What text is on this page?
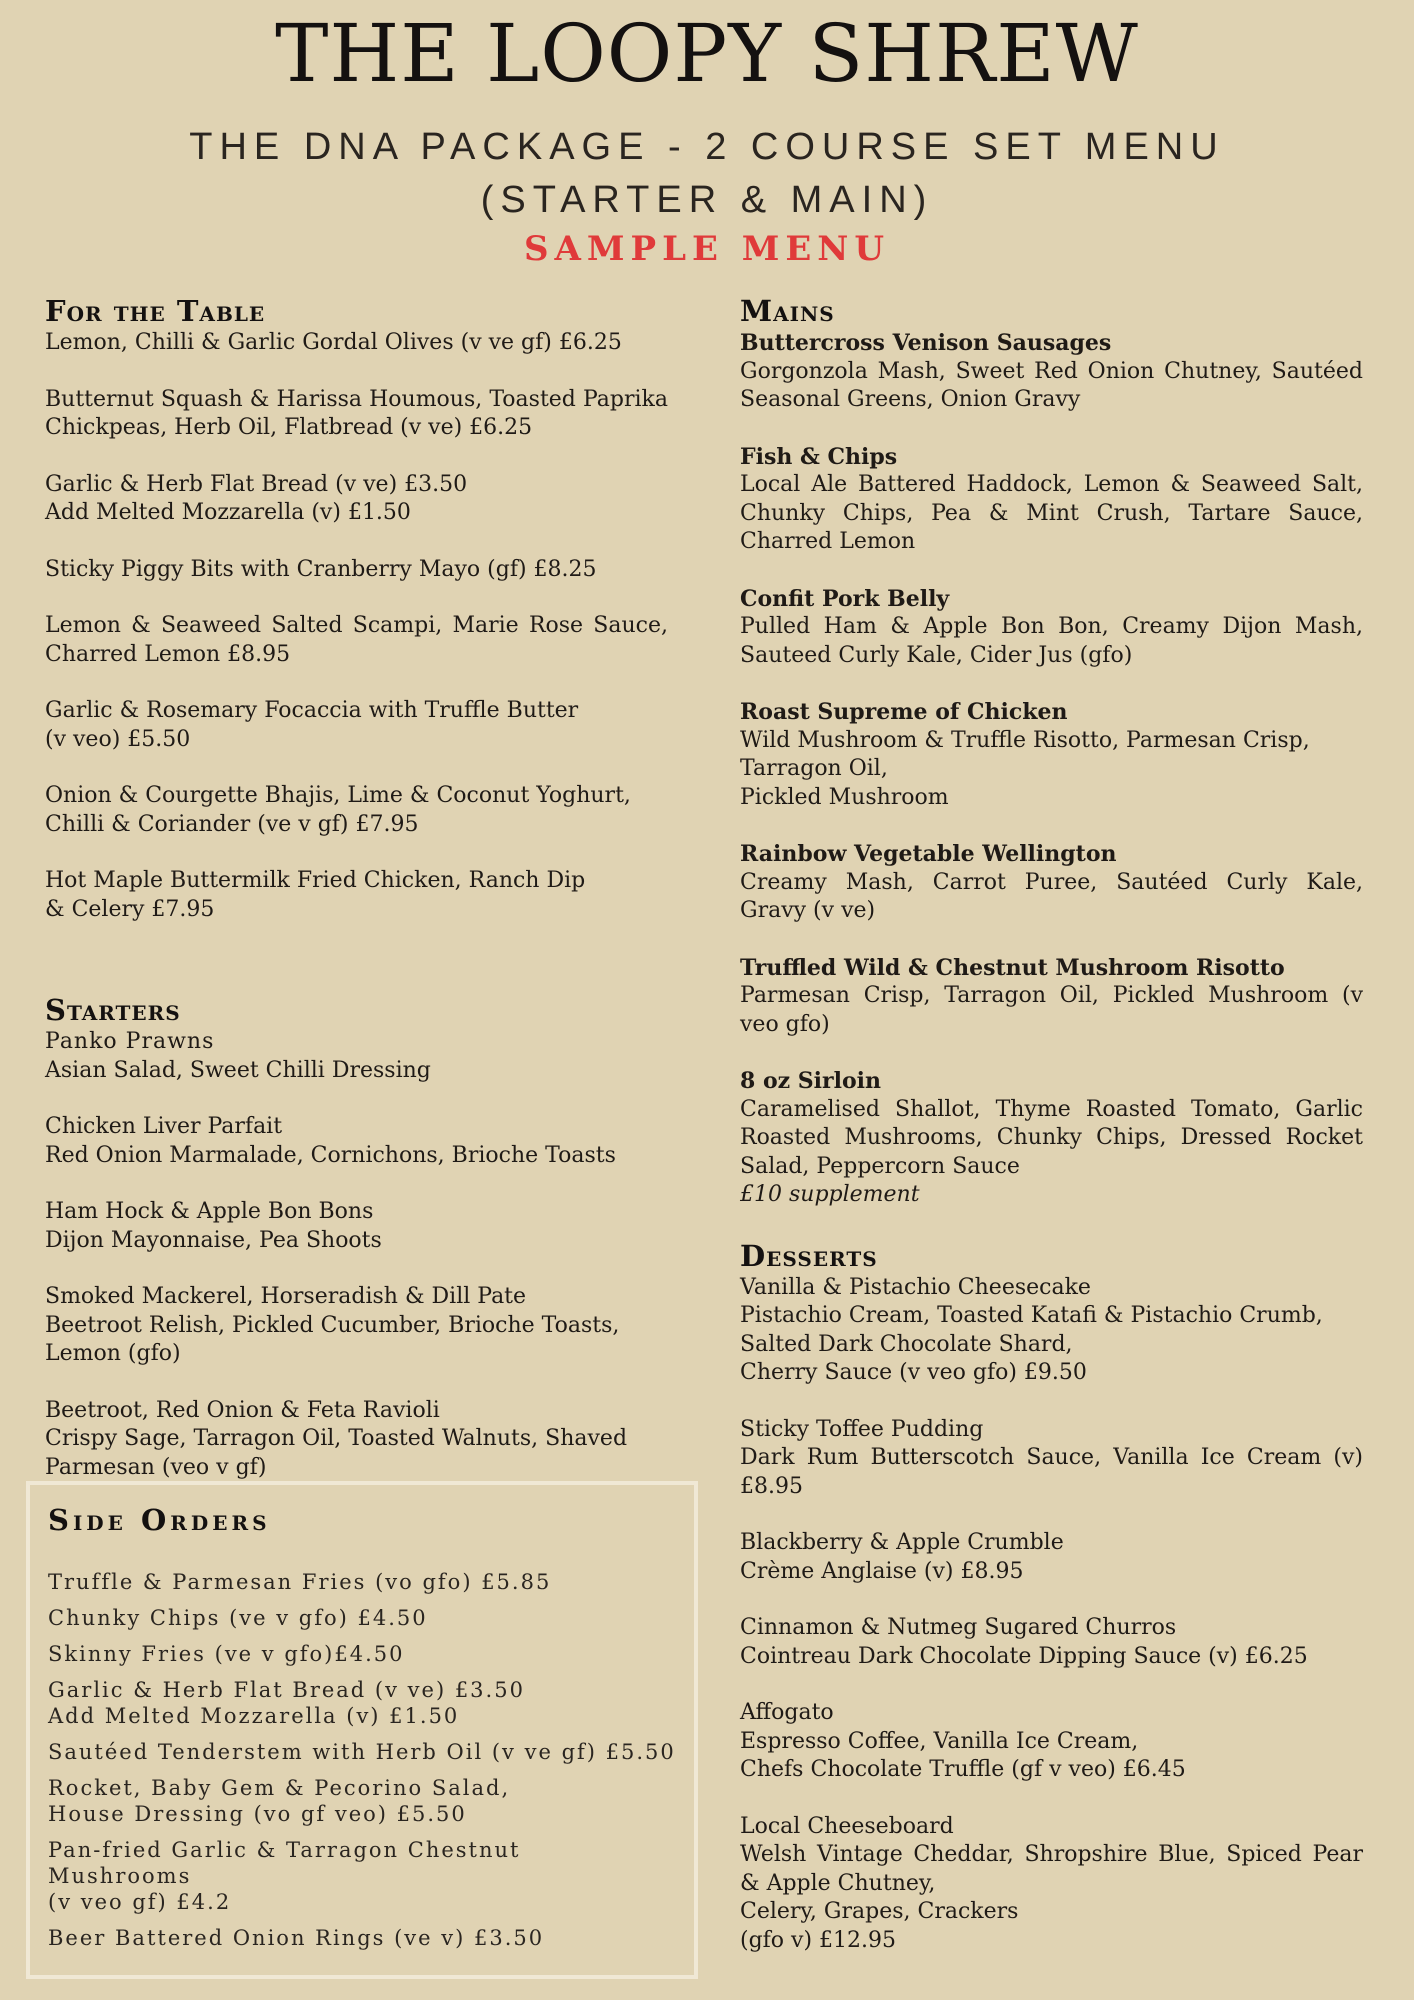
THE LOOPY SHREW
THE DNA PACKAGE - 2 COURSE SET MENU
(STARTER & MAIN)
SAMPLE MENU
For the Table
Lemon, Chilli & Garlic Gordal Olives (v ve gf) £6.25
Butternut Squash & Harissa Houmous, Toasted Paprika Chickpeas, Herb Oil, Flatbread (v ve) £6.25
Garlic & Herb Flat Bread (v ve) £3.50
Add Melted Mozzarella (v) £1.50
Sticky Piggy Bits with Cranberry Mayo (gf) £8.25
Lemon & Seaweed Salted Scampi, Marie Rose Sauce, Charred Lemon £8.95
Garlic & Rosemary Focaccia with Truffle Butter
(v veo) £5.50
Onion & Courgette Bhajis, Lime & Coconut Yoghurt,
Chilli & Coriander (ve v gf) £7.95
Hot Maple Buttermilk Fried Chicken, Ranch Dip
& Celery £7.95
Starters
Panko Prawns
Asian Salad, Sweet Chilli Dressing
Chicken Liver Parfait
Red Onion Marmalade, Cornichons, Brioche Toasts
Ham Hock & Apple Bon Bons
Dijon Mayonnaise, Pea Shoots
Smoked Mackerel, Horseradish & Dill Pate
Beetroot Relish, Pickled Cucumber, Brioche Toasts, Lemon (gfo)
Beetroot, Red Onion & Feta Ravioli
Crispy Sage, Tarragon Oil, Toasted Walnuts, Shaved Parmesan (veo v gf)
Side Orders
Truffle & Parmesan Fries (vo gfo) £5.85
Chunky Chips (ve v gfo) £4.50
Skinny Fries (ve v gfo)£4.50
Garlic & Herb Flat Bread (v ve) £3.50
Add Melted Mozzarella (v) £1.50
Sautéed Tenderstem with Herb Oil (v ve gf) £5.50
Rocket, Baby Gem & Pecorino Salad,
House Dressing (vo gf veo) £5.50
Pan-fried Garlic & Tarragon Chestnut
Mushrooms
(v veo gf) £4.2
Beer Battered Onion Rings (ve v) £3.50
Mains
Buttercross Venison Sausages
Gorgonzola Mash, Sweet Red Onion Chutney, Sautéed Seasonal Greens, Onion Gravy
Fish & Chips
Local Ale Battered Haddock, Lemon & Seaweed Salt, Chunky Chips, Pea & Mint Crush, Tartare Sauce, Charred Lemon
Confit Pork Belly
Pulled Ham & Apple Bon Bon, Creamy Dijon Mash, Sauteed Curly Kale, Cider Jus (gfo)
Roast Supreme of Chicken
Wild Mushroom & Truffle Risotto, Parmesan Crisp, Tarragon Oil,
Pickled Mushroom
Rainbow Vegetable Wellington
Creamy Mash, Carrot Puree, Sautéed Curly Kale, Gravy (v ve)
Truffled Wild & Chestnut Mushroom Risotto
Parmesan Crisp, Tarragon Oil, Pickled Mushroom (v veo gfo)
8 oz Sirloin
Caramelised Shallot, Thyme Roasted Tomato, Garlic Roasted Mushrooms, Chunky Chips, Dressed Rocket Salad, Peppercorn Sauce
£10 supplement
Desserts
Vanilla & Pistachio Cheesecake
Pistachio Cream, Toasted Katafi & Pistachio Crumb,
Salted Dark Chocolate Shard,
Cherry Sauce (v veo gfo) £9.50
Sticky Toffee Pudding
Dark Rum Butterscotch Sauce, Vanilla Ice Cream (v) £8.95
Blackberry & Apple Crumble
Crème Anglaise (v) £8.95
Cinnamon & Nutmeg Sugared Churros
Cointreau Dark Chocolate Dipping Sauce (v) £6.25
Affogato
Espresso Coffee, Vanilla Ice Cream,
Chefs Chocolate Truffle (gf v veo) £6.45
Local Cheeseboard
Welsh Vintage Cheddar, Shropshire Blue, Spiced Pear & Apple Chutney,
Celery, Grapes, Crackers
(gfo v) £12.95
